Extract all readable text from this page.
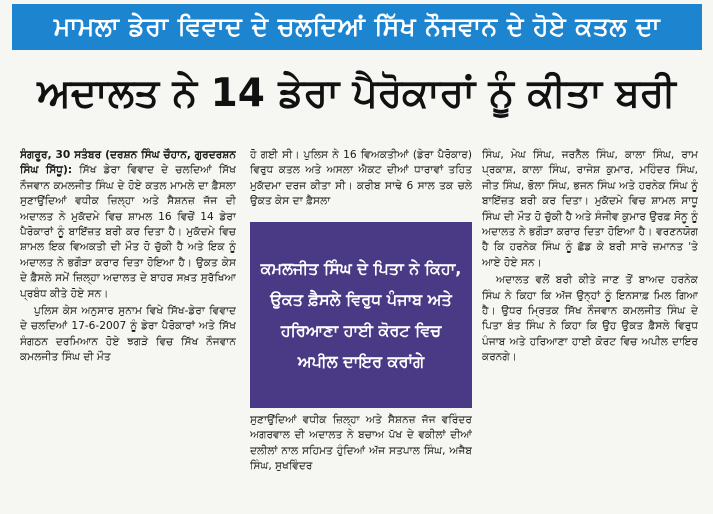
ਮਾਮਲਾ ਡੇਰਾ ਵਿਵਾਦ ਦੇ ਚਲਦਿਆਂ ਸਿੱਖ ਨੌਜਵਾਨ ਦੇ ਹੋਏ ਕਤਲ ਦਾ
ਅਦਾਲਤ ਨੇ 14 ਡੇਰਾ ਪੈਰੋਕਾਰਾਂ ਨੂੰ ਕੀਤਾ ਬਰੀ

ਸੰਗਰੂਰ, 30 ਸਤੰਬਰ (ਦਰਸ਼ਨ ਸਿੰਘ ਚੌਹਾਨ, ਗੁਰਦਰਸ਼ਨ ਸਿੰਘ ਸਿੱਧੂ): ਸਿੱਖ ਡੇਰਾ ਵਿਵਾਦ ਦੇ ਚਲਦਿਆਂ ਸਿੱਖ ਨੌਜਵਾਨ ਕਮਲਜੀਤ ਸਿੰਘ ਦੇ ਹੋਏ ਕਤਲ ਮਾਮਲੇ ਦਾ ਫ਼ੈਸਲਾ ਸੁਣਾਉਂਦਿਆਂ ਵਧੀਕ ਜ਼ਿਲ੍ਹਾ ਅਤੇ ਸੈਸ਼ਨਜ਼ ਜੱਜ ਦੀ ਅਦਾਲਤ ਨੇ ਮੁਕੱਦਮੇ ਵਿਚ ਸ਼ਾਮਲ 16 ਵਿਚੋਂ 14 ਡੇਰਾ ਪੈਰੋਕਾਰਾਂ ਨੂੰ ਬਾਇੱਜ਼ਤ ਬਰੀ ਕਰ ਦਿਤਾ ਹੈ। ਮੁਕੱਦਮੇ ਵਿਚ ਸ਼ਾਮਲ ਇਕ ਵਿਅਕਤੀ ਦੀ ਮੌਤ ਹੋ ਚੁੱਕੀ ਹੈ ਅਤੇ ਇਕ ਨੂੰ ਅਦਾਲਤ ਨੇ ਭਗੌੜਾ ਕਰਾਰ ਦਿਤਾ ਹੋਇਆ ਹੈ। ਉਕਤ ਕੇਸ ਦੇ ਫ਼ੈਸਲੇ ਸਮੇਂ ਜ਼ਿਲ੍ਹਾ ਅਦਾਲਤ ਦੇ ਬਾਹਰ ਸਖ਼ਤ ਸੁਰੱਖਿਆ ਪ੍ਰਬੰਧ ਕੀਤੇ ਹੋਏ ਸਨ।

ਪੁਲਿਸ ਕੇਸ ਅਨੁਸਾਰ ਸੁਨਾਮ ਵਿਖੇ ਸਿੱਖ-ਡੇਰਾ ਵਿਵਾਦ ਦੇ ਚਲਦਿਆਂ 17-6-2007 ਨੂੰ ਡੇਰਾ ਪੈਰੋਕਾਰਾਂ ਅਤੇ ਸਿੱਖ ਸੰਗਠਨ ਦਰਮਿਆਨ ਹੋਏ ਝਗੜੇ ਵਿਚ ਸਿੱਖ ਨੌਜਵਾਨ ਕਮਲਜੀਤ ਸਿੰਘ ਦੀ ਮੌਤ

ਹੋ ਗਈ ਸੀ। ਪੁਲਿਸ ਨੇ 16 ਵਿਅਕਤੀਆਂ (ਡੇਰਾ ਪੈਰੋਕਾਰ) ਵਿਰੁਧ ਕਤਲ ਅਤੇ ਅਸਲਾ ਐਕਟ ਦੀਆਂ ਧਾਰਾਵਾਂ ਤਹਿਤ ਮੁਕੱਦਮਾ ਦਰਜ ਕੀਤਾ ਸੀ। ਕਰੀਬ ਸਾਢੇ 6 ਸਾਲ ਤਕ ਚਲੇ ਉਕਤ ਕੇਸ ਦਾ ਫ਼ੈਸਲਾ
ਸੁਣਾਉਂਦਿਆਂ ਵਧੀਕ ਜ਼ਿਲ੍ਹਾ ਅਤੇ ਸੈਸ਼ਨਜ਼ ਜੱਜ ਵਰਿੰਦਰ ਅਗਰਵਾਲ ਦੀ ਅਦਾਲਤ ਨੇ ਬਚਾਅ ਪੱਖ ਦੇ ਵਕੀਲਾਂ ਦੀਆਂ ਦਲੀਲਾਂ ਨਾਲ ਸਹਿਮਤ ਹੁੰਦਿਆਂ ਅੱਜ ਸਤਪਾਲ ਸਿੰਘ, ਅਜੈਬ ਸਿੰਘ, ਸੁਖਵਿੰਦਰ
ਕਮਲਜੀਤ ਸਿੰਘ ਦੇ ਪਿਤਾ ਨੇ ਕਿਹਾ, ਉਕਤ ਫ਼ੈਸਲੇ ਵਿਰੁਧ ਪੰਜਾਬ ਅਤੇ ਹਰਿਆਣਾ ਹਾਈ ਕੋਰਟ ਵਿਚ ਅਪੀਲ ਦਾਇਰ ਕਰਾਂਗੇ

ਸਿੰਘ, ਮੇਘ ਸਿੰਘ, ਜਰਨੈਲ ਸਿੰਘ, ਕਾਲਾ ਸਿੰਘ, ਰਾਮ ਪ੍ਰਕਾਸ਼, ਕਾਲਾ ਸਿੰਘ, ਰਾਜੇਸ਼ ਕੁਮਾਰ, ਮਹਿੰਦਰ ਸਿੰਘ, ਜੀਤ ਸਿੰਘ, ਭੋਲਾ ਸਿੰਘ, ਭਜਨ ਸਿੰਘ ਅਤੇ ਹਰਨੇਕ ਸਿੰਘ ਨੂੰ ਬਾਇੱਜ਼ਤ ਬਰੀ ਕਰ ਦਿਤਾ। ਮੁਕੱਦਮੇ ਵਿਚ ਸ਼ਾਮਲ ਸਾਧੂ ਸਿੰਘ ਦੀ ਮੌਤ ਹੋ ਚੁੱਕੀ ਹੈ ਅਤੇ ਸੰਜੀਵ ਕੁਮਾਰ ਉਰਫ਼ ਸੋਨੂ ਨੂੰ ਅਦਾਲਤ ਨੇ ਭਗੌੜਾ ਕਰਾਰ ਦਿਤਾ ਹੋਇਆ ਹੈ। ਵਰਣਨਯੋਗ ਹੈ ਕਿ ਹਰਨੇਕ ਸਿੰਘ ਨੂੰ ਛੱਡ ਕੇ ਬਰੀ ਸਾਰੇ ਜ਼ਮਾਨਤ 'ਤੇ ਆਏ ਹੋਏ ਸਨ।

ਅਦਾਲਤ ਵਲੋਂ ਬਰੀ ਕੀਤੇ ਜਾਣ ਤੋਂ ਬਾਅਦ ਹਰਨੇਕ ਸਿੰਘ ਨੇ ਕਿਹਾ ਕਿ ਅੱਜ ਉਨ੍ਹਾਂ ਨੂੰ ਇਨਸਾਫ਼ ਮਿਲ ਗਿਆ ਹੈ। ਉਧਰ ਮ੍ਰਿਤਕ ਸਿੱਖ ਨੌਜਵਾਨ ਕਮਲਜੀਤ ਸਿੰਘ ਦੇ ਪਿਤਾ ਬੰਤ ਸਿੰਘ ਨੇ ਕਿਹਾ ਕਿ ਉਹ ਉਕਤ ਫ਼ੈਸਲੇ ਵਿਰੁਧ ਪੰਜਾਬ ਅਤੇ ਹਰਿਆਣਾ ਹਾਈ ਕੋਰਟ ਵਿਚ ਅਪੀਲ ਦਾਇਰ ਕਰਨਗੇ।
